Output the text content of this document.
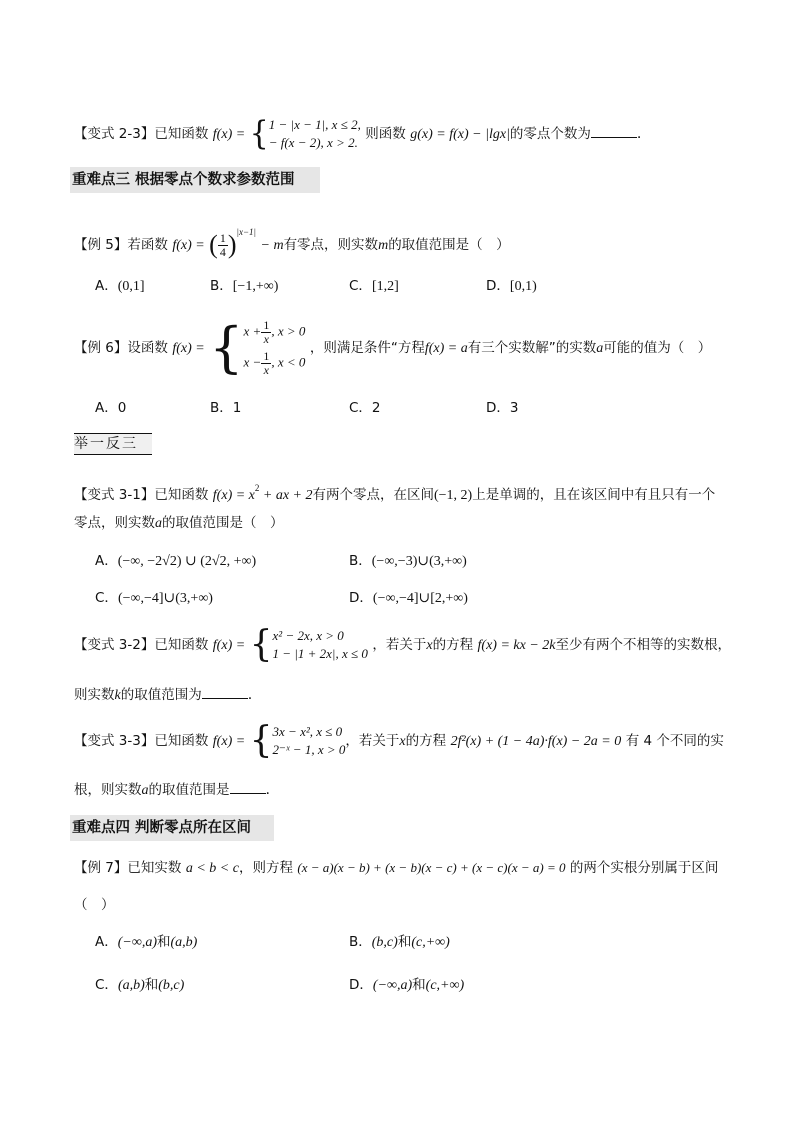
【变式 2-3】已知函数 f(x) = { 1 − |x − 1|, x ≤ 2,
− f(x − 2), x > 2.
则函数 g(x) = f(x) − |lgx|的零点个数为	.
重难点三 根据零点个数求参数范围
【例 5】若函数 f(x) = ( $\frac{1}{4} )^{|x-1|} - m$有零点，则实数m的取值范围是（　）
A．(0,1]	B．[−1,+∞)	C．[1,2]	D．[0,1)
【例 6】设函数 f(x) = { $x + \frac{1}{x}$ , x > 0
$x - \frac{1}{x}$ , x < 0
，则满足条件“方程f(x) = a有三个实数解”的实数a可能的值为（　）
A．0	B．1	C．2	D．3
举一反三
【变式 3-1】已知函数 $f(x) = x^2$ + ax + 2有两个零点，在区间(−1, 2)上是单调的，且在该区间中有且只有一个
零点，则实数a的取值范围是（　）
A．(−∞, −2√2) ∪ (2√2, +∞)	B．(−∞,−3)∪(3,+∞)
C．(−∞,−4]∪(3,+∞)	D．(−∞,−4]∪[2,+∞)
【变式 3-2】已知函数 f(x) = { x² − 2x, x > 0
1 − |1 + 2x|, x ≤ 0
，若关于x的方程 f(x) = kx − 2k至少有两个不相等的实数根，
则实数k的取值范围为	.
【变式 3-3】已知函数 f(x) = { 3x − x², x ≤ 0
2⁻ˣ − 1, x > 0
，若关于x的方程 2f²(x) + (1 − 4a)·f(x) − 2a = 0 有 4 个不同的实
根，则实数a的取值范围是	.
重难点四 判断零点所在区间
【例 7】已知实数 a < b < c，则方程 (x − a)(x − b) + (x − b)(x − c) + (x − c)(x − a) = 0 的两个实根分别属于区间
（　）
A．(−∞,a)和(a,b)	B．(b,c)和(c,+∞)
C．(a,b)和(b,c)	D．(−∞,a)和(c,+∞)
